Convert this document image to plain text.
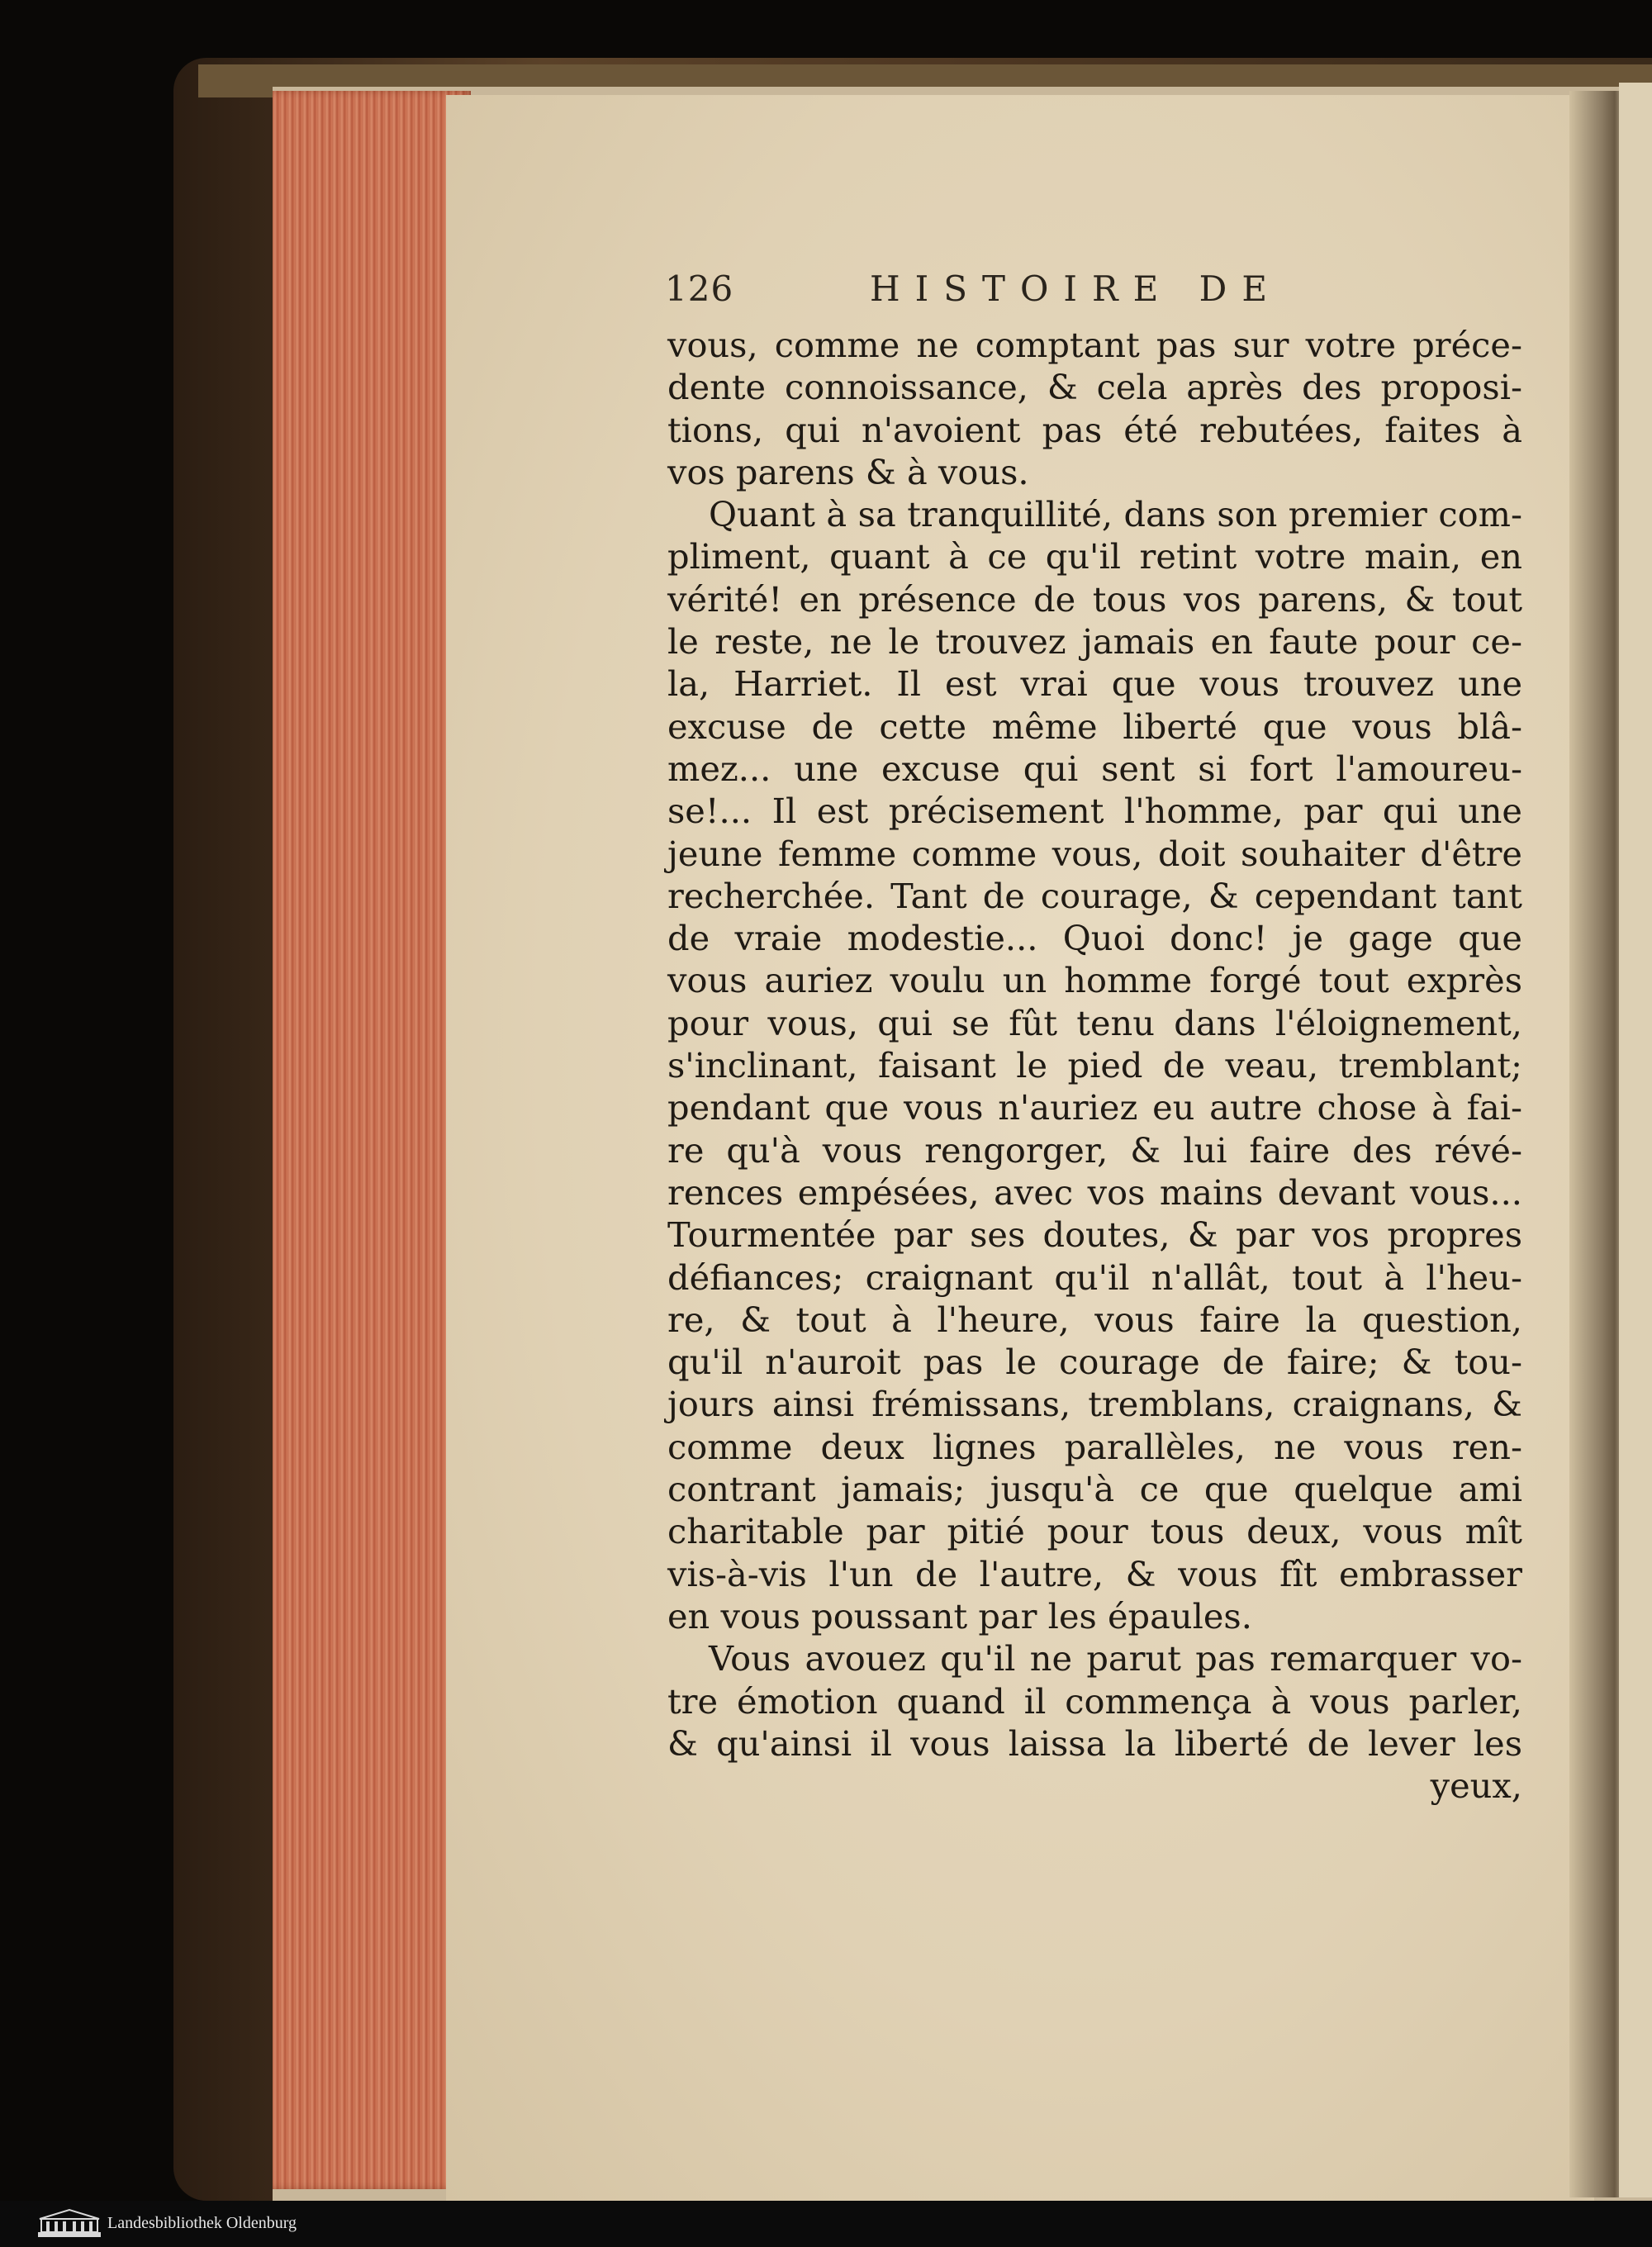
126	HISTOIRE DE
vous, comme ne comptant pas sur votre préce-
dente connoissance, & cela après des proposi-
tions, qui n'avoient pas été rebutées, faites à
vos parens & à vous.
Quant à sa tranquillité, dans son premier com-
pliment, quant à ce qu'il retint votre main, en
vérité! en présence de tous vos parens, & tout
le reste, ne le trouvez jamais en faute pour ce-
la, Harriet. Il est vrai que vous trouvez une
excuse de cette même liberté que vous blâ-
mez... une excuse qui sent si fort l'amoureu-
se!... Il est précisement l'homme, par qui une
jeune femme comme vous, doit souhaiter d'être
recherchée. Tant de courage, & cependant tant
de vraie modestie... Quoi donc! je gage que
vous auriez voulu un homme forgé tout exprès
pour vous, qui se fût tenu dans l'éloignement,
s'inclinant, faisant le pied de veau, tremblant;
pendant que vous n'auriez eu autre chose à fai-
re qu'à vous rengorger, & lui faire des révé-
rences empésées, avec vos mains devant vous...
Tourmentée par ses doutes, & par vos propres
défiances; craignant qu'il n'allât, tout à l'heu-
re, & tout à l'heure, vous faire la question,
qu'il n'auroit pas le courage de faire; & tou-
jours ainsi frémissans, tremblans, craignans, &
comme deux lignes parallèles, ne vous ren-
contrant jamais; jusqu'à ce que quelque ami
charitable par pitié pour tous deux, vous mît
vis-à-vis l'un de l'autre, & vous fît embrasser
en vous poussant par les épaules.
Vous avouez qu'il ne parut pas remarquer vo-
tre émotion quand il commença à vous parler,
& qu'ainsi il vous laissa la liberté de lever les
yeux,
Landesbibliothek Oldenburg
